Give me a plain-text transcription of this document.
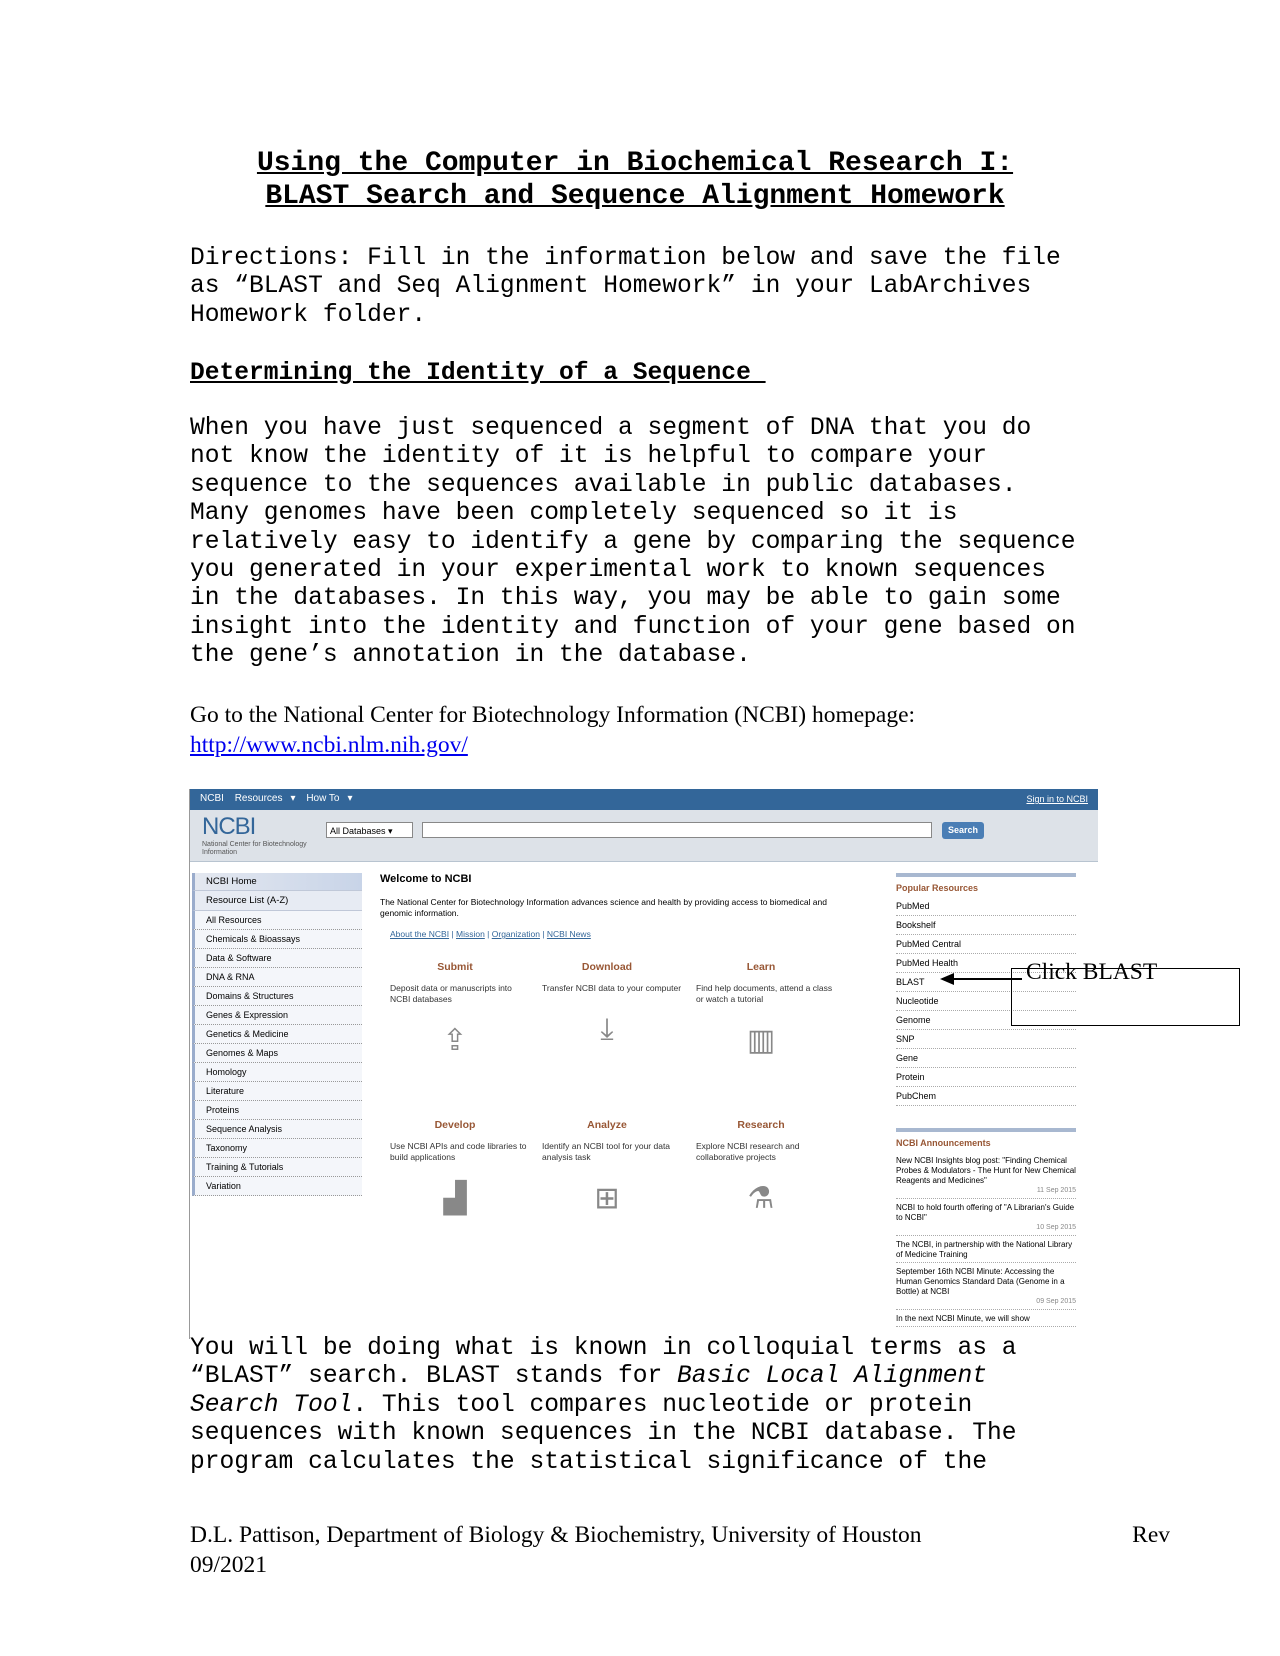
Using the Computer in Biochemical Research I:
BLAST Search and Sequence Alignment Homework
Directions: Fill in the information below and save the file
as “BLAST and Seq Alignment Homework” in your LabArchives
Homework folder.
Determining the Identity of a Sequence
When you have just sequenced a segment of DNA that you do
not know the identity of it is helpful to compare your
sequence to the sequences available in public databases.
Many genomes have been completely sequenced so it is
relatively easy to identify a gene by comparing the sequence
you generated in your experimental work to known sequences
in the databases. In this way, you may be able to gain some
insight into the identity and function of your gene based on
the gene’s annotation in the database.
Go to the National Center for Biotechnology Information (NCBI) homepage:
http://www.ncbi.nlm.nih.gov/
NCBI Resources ▾ How To ▾	Sign in to NCBI
NCBI
National Center for Biotechnology Information
All Databases ▾	Search
NCBI Home
Resource List (A-Z)
All Resources
Chemicals & Bioassays
Data & Software
DNA & RNA
Domains & Structures
Genes & Expression
Genetics & Medicine
Genomes & Maps
Homology
Literature
Proteins
Sequence Analysis
Taxonomy
Training & Tutorials
Variation
Welcome to NCBI
The National Center for Biotechnology Information advances science and health by providing access to biomedical and genomic information.
About the NCBI | Mission | Organization | NCBI News
Submit
Deposit data or manuscripts into NCBI databases
⇪
Download
Transfer NCBI data to your computer
⤓
Learn
Find help documents, attend a class or watch a tutorial
▥
Develop
Use NCBI APIs and code libraries to build applications
▟
Analyze
Identify an NCBI tool for your data analysis task
⊞
Research
Explore NCBI research and collaborative projects
⚗
Popular Resources
PubMed
Bookshelf
PubMed Central
PubMed Health
BLAST
Nucleotide
Genome
SNP
Gene
Protein
PubChem
NCBI Announcements
New NCBI Insights blog post: "Finding Chemical Probes & Modulators - The Hunt for New Chemical Reagents and Medicines"
11 Sep 2015
NCBI to hold fourth offering of "A Librarian's Guide to NCBI"
10 Sep 2015
The NCBI, in partnership with the National Library of Medicine Training
September 16th NCBI Minute: Accessing the Human Genomics Standard Data (Genome in a Bottle) at NCBI
09 Sep 2015
In the next NCBI Minute, we will show
Click BLAST
You will be doing what is known in colloquial terms as a
“BLAST” search. BLAST stands for Basic Local Alignment
Search Tool. This tool compares nucleotide or protein
sequences with known sequences in the NCBI database. The
program calculates the statistical significance of the
D.L. Pattison, Department of Biology & Biochemistry, University of Houston	Rev
09/2021
